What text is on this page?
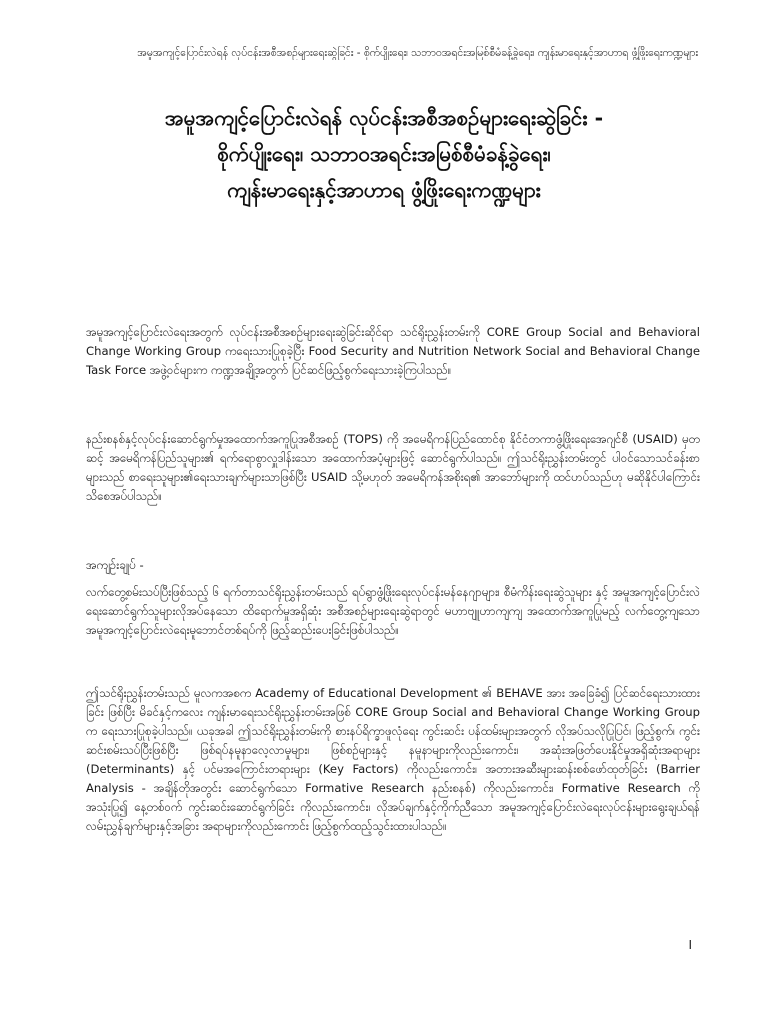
အမူအကျင့်ပြောင်းလဲရန် လုပ်ငန်းအစီအစဉ်များရေးဆွဲခြင်း - စိုက်ပျိုးရေး၊ သဘာဝအရင်းအမြစ်စီမံခန့်ခွဲရေး၊ ကျန်းမာရေးနှင့်အာဟာရ ဖွံ့ဖြိုးရေးကဏ္ဍများ
အမူအကျင့်ပြောင်းလဲရန် လုပ်ငန်းအစီအစဉ်များရေးဆွဲခြင်း -
စိုက်ပျိုးရေး၊ သဘာဝအရင်းအမြစ်စီမံခန့်ခွဲရေး၊
ကျန်းမာရေးနှင့်အာဟာရ ဖွံ့ဖြိုးရေးကဏ္ဍများ

အမူအကျင့်ပြောင်းလဲရေးအတွက် လုပ်ငန်းအစီအစဉ်များရေးဆွဲခြင်းဆိုင်ရာ သင်ရိုးညွှန်းတမ်းကို CORE Group Social and Behavioral Change Working Group ကရေးသားပြုစုခဲ့ပြီး Food Security and Nutrition Network Social and Behavioral Change Task Force အဖွဲ့ဝင်များက ကဏ္ဍအချို့အတွက် ပြင်ဆင်ဖြည့်စွက်ရေးသားခဲ့ကြပါသည်။

နည်းစနစ်နှင့်လုပ်ငန်းဆောင်ရွက်မှုအထောက်အကူပြုအစီအစဉ် (TOPS) ကို အမေရိကန်ပြည်ထောင်စု နိုင်ငံတကာဖွံ့ဖြိုးရေးအေဂျင်စီ (USAID) မှတဆင့် အမေရိကန်ပြည်သူများ၏ ရက်ရောစွာလှူဒါန်းသော အထောက်အပံ့များဖြင့် ဆောင်ရွက်ပါသည်။ ဤသင်ရိုးညွှန်းတမ်းတွင် ပါဝင်သောသင်ခန်းစာများသည် စာရေးသူများ၏ရေးသားချက်များသာဖြစ်ပြီး USAID သို့မဟုတ် အမေရိကန်အစိုးရ၏ အာဘော်များကို ထင်ဟပ်သည်ဟု မဆိုနိုင်ပါကြောင်း သိစေအပ်ပါသည်။

အကျဉ်းချုပ် -

လက်တွေ့စမ်းသပ်ပြီးဖြစ်သည့် ၆ ရက်တာသင်ရိုးညွှန်းတမ်းသည် ရပ်ရွာဖွံ့ဖြိုးရေးလုပ်ငန်းမန်နေဂျာများ၊ စီမံကိန်းရေးဆွဲသူများ နှင့် အမူအကျင့်ပြောင်းလဲရေးဆောင်ရွက်သူများလိုအပ်နေသော ထိရောက်မှုအရှိဆုံး အစီအစဉ်များရေးဆွဲရာတွင် မဟာဗျူဟာကျကျ အထောက်အကူပြုမည့် လက်တွေ့ကျသော အမူအကျင့်ပြောင်းလဲရေးမူဘောင်တစ်ရပ်ကို ဖြည့်ဆည်းပေးခြင်းဖြစ်ပါသည်။

ဤသင်ရိုးညွှန်းတမ်းသည် မူလကအစက Academy of Educational Development ၏ BEHAVE အား အခြေခံ၍ ပြင်ဆင်ရေးသားထားခြင်း ဖြစ်ပြီး မိခင်နှင့်ကလေး ကျန်းမာရေးသင်ရိုးညွှန်းတမ်းအဖြစ် CORE Group Social and Behavioral Change Working Group က ရေးသားပြုစုခဲ့ပါသည်။ ယခုအခါ ဤသင်ရိုးညွှန်းတမ်းကို စားနပ်ရိက္ခာဖူလုံရေး ကွင်းဆင်း ပန်ထမ်းများအတွက် လိုအပ်သလိုပြုပြင်၊ ဖြည့်စွက်၊ ကွင်းဆင်းစမ်းသပ်ပြီးဖြစ်ပြီး ဖြစ်ရပ်နမူနာလေ့လာမှုများ၊ ဖြစ်စဉ်များနှင့် နမူနာများကိုလည်းကောင်း၊ အဆုံးအဖြတ်ပေးနိုင်မှုအရှိဆုံးအရာများ (Determinants) နှင့် ပင်မအကြောင်းတရားများ (Key Factors) ကိုလည်းကောင်း၊ အတားအဆီးများဆန်းစစ်ဖော်ထုတ်ခြင်း (Barrier Analysis - အချိန်တိုအတွင်း ဆောင်ရွက်သော Formative Research နည်းစနစ်) ကိုလည်းကောင်း၊ Formative Research ကိုအသုံးပြု၍ နေ့တစ်ဝက် ကွင်းဆင်းဆောင်ရွက်ခြင်း ကိုလည်းကောင်း၊ လိုအပ်ချက်နှင့်ကိုက်ညီသော အမူအကျင့်ပြောင်းလဲရေးလုပ်ငန်းများရွေးချယ်ရန် လမ်းညွှန်ချက်များနှင့်အခြား အရာများကိုလည်းကောင်း ဖြည့်စွက်ထည့်သွင်းထားပါသည်။

I
